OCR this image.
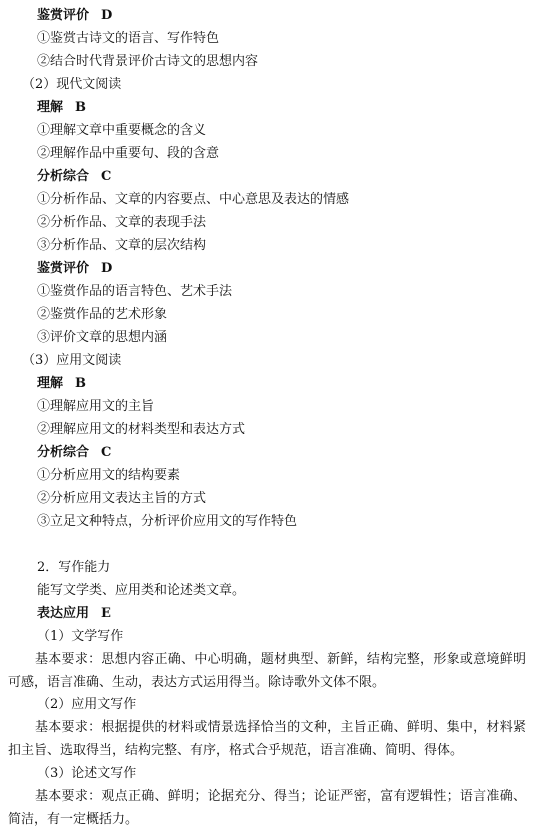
鉴赏评价 D
①鉴赏古诗文的语言、写作特色
②结合时代背景评价古诗文的思想内容
（2）现代文阅读
理解 B
①理解文章中重要概念的含义
②理解作品中重要句、段的含意
分析综合 C
①分析作品、文章的内容要点、中心意思及表达的情感
②分析作品、文章的表现手法
③分析作品、文章的层次结构
鉴赏评价 D
①鉴赏作品的语言特色、艺术手法
②鉴赏作品的艺术形象
③评价文章的思想内涵
（3）应用文阅读
理解 B
①理解应用文的主旨
②理解应用文的材料类型和表达方式
分析综合 C
①分析应用文的结构要素
②分析应用文表达主旨的方式
③立足文种特点，分析评价应用文的写作特色
2．写作能力
能写文学类、应用类和论述类文章。
表达应用 E
（1）文学写作
基本要求：思想内容正确、中心明确，题材典型、新鲜，结构完整，形象或意境鲜明可感，语言准确、生动，表达方式运用得当。除诗歌外文体不限。
（2）应用文写作
基本要求：根据提供的材料或情景选择恰当的文种，主旨正确、鲜明、集中，材料紧扣主旨、选取得当，结构完整、有序，格式合乎规范，语言准确、简明、得体。
（3）论述文写作
基本要求：观点正确、鲜明；论据充分、得当；论证严密，富有逻辑性；语言准确、简洁，有一定概括力。
